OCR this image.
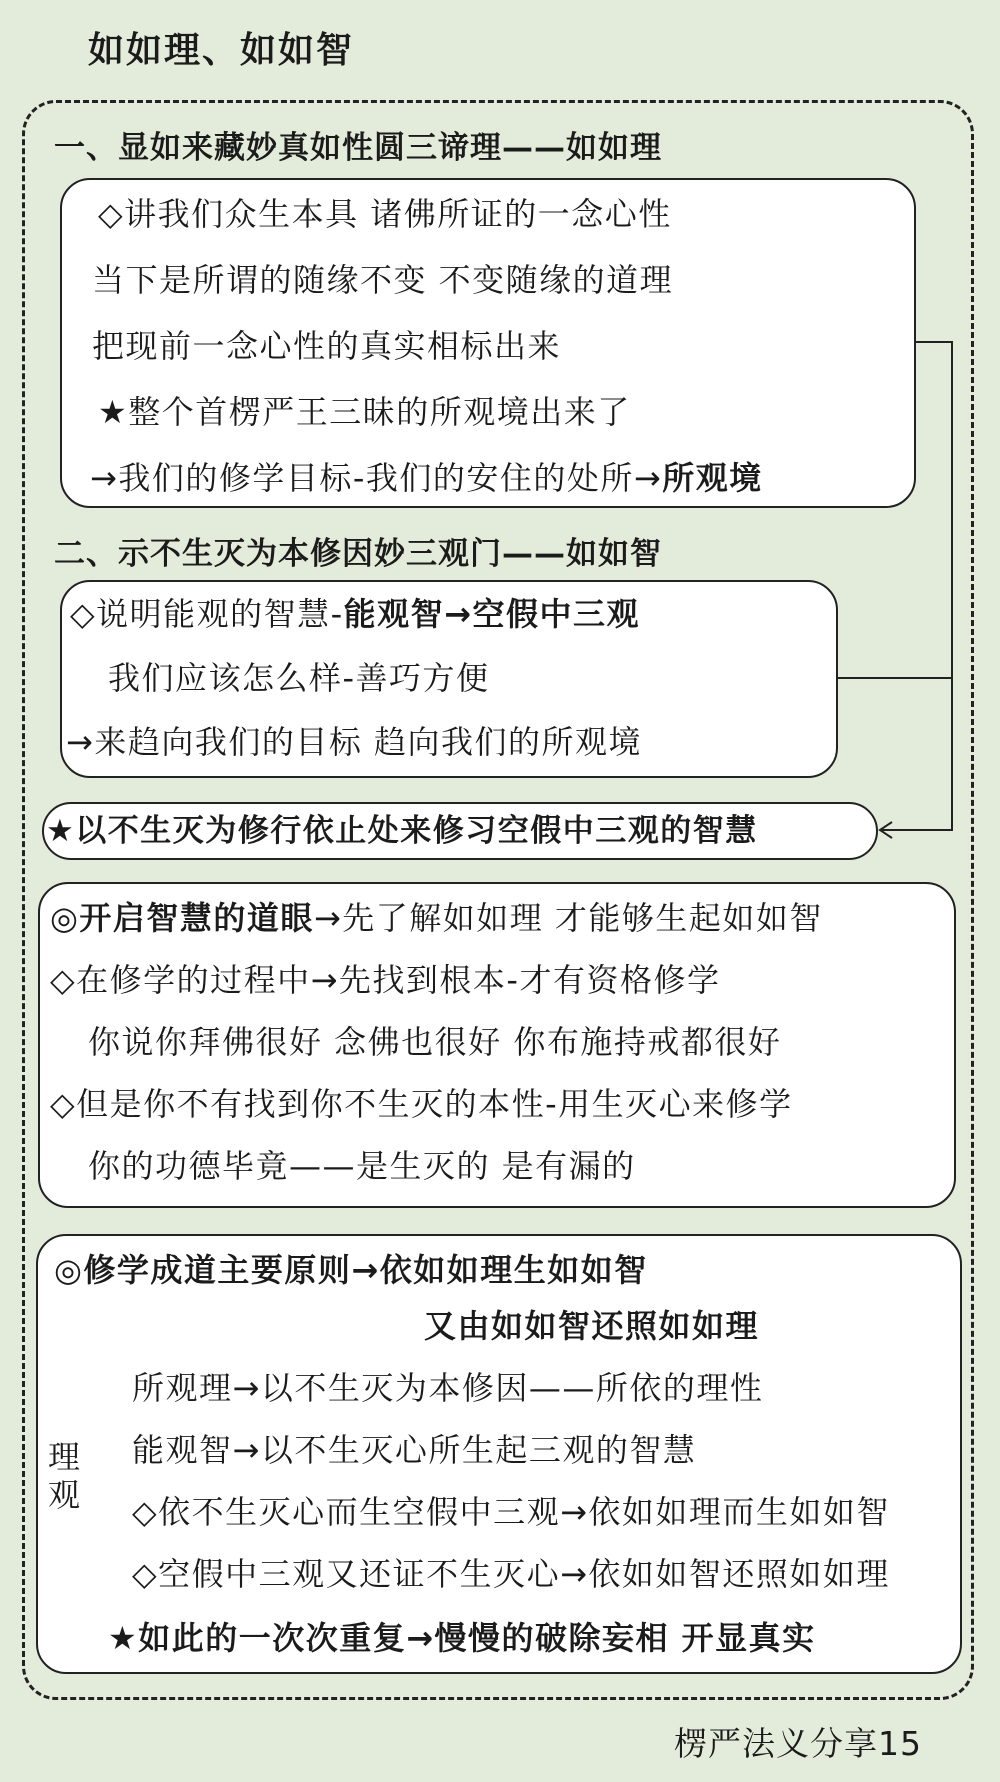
如如理、如如智
一、显如来藏妙真如性圆三谛理——如如理
◇讲我们众生本具 诸佛所证的一念心性
当下是所谓的随缘不变 不变随缘的道理
把现前一念心性的真实相标出来
★整个首楞严王三昧的所观境出来了
→我们的修学目标-我们的安住的处所→所观境
二、示不生灭为本修因妙三观门——如如智
◇说明能观的智慧-能观智→空假中三观
我们应该怎么样-善巧方便
→来趋向我们的目标 趋向我们的所观境
★以不生灭为修行依止处来修习空假中三观的智慧
◎开启智慧的道眼→先了解如如理 才能够生起如如智
◇在修学的过程中→先找到根本-才有资格修学
你说你拜佛很好 念佛也很好 你布施持戒都很好
◇但是你不有找到你不生灭的本性-用生灭心来修学
你的功德毕竟——是生灭的 是有漏的
◎修学成道主要原则→依如如理生如如智
又由如如智还照如如理
所观理→以不生灭为本修因——所依的理性
能观智→以不生灭心所生起三观的智慧
◇依不生灭心而生空假中三观→依如如理而生如如智
◇空假中三观又还证不生灭心→依如如智还照如如理
★如此的一次次重复→慢慢的破除妄相 开显真实
理
观
楞严法义分享15
